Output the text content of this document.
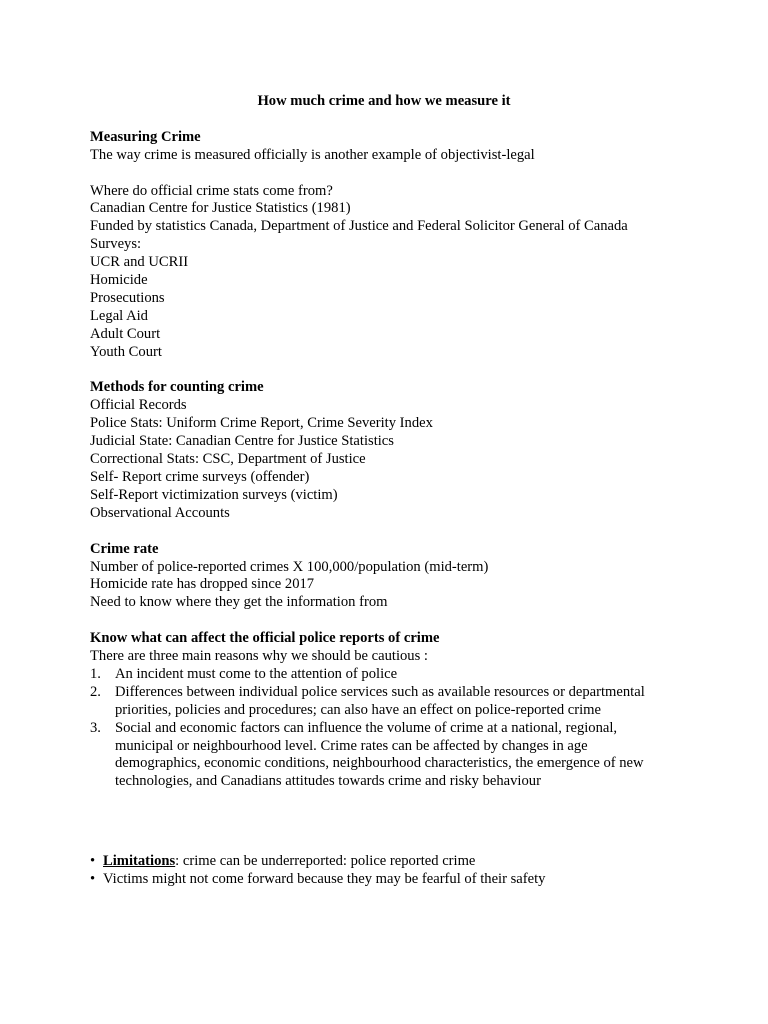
How much crime and how we measure it
Measuring Crime
The way crime is measured officially is another example of objectivist-legal
Where do official crime stats come from?
Canadian Centre for Justice Statistics (1981)
Funded by statistics Canada, Department of Justice and Federal Solicitor General of Canada
Surveys:
UCR and UCRII
Homicide
Prosecutions
Legal Aid
Adult Court
Youth Court
Methods for counting crime
Official Records
Police Stats: Uniform Crime Report, Crime Severity Index
Judicial State: Canadian Centre for Justice Statistics
Correctional Stats: CSC, Department of Justice
Self- Report crime surveys (offender)
Self-Report victimization surveys (victim)
Observational Accounts
Crime rate
Number of police-reported crimes X 100,000/population (mid-term)
Homicide rate has dropped since 2017
Need to know where they get the information from
Know what can affect the official police reports of crime
There are three main reasons why we should be cautious :
1. An incident must come to the attention of police
2. Differences between individual police services such as available resources or departmental priorities, policies and procedures; can also have an effect on police-reported crime
3. Social and economic factors can influence the volume of crime at a national, regional, municipal or neighbourhood level. Crime rates can be affected by changes in age demographics, economic conditions, neighbourhood characteristics, the emergence of new technologies, and Canadians attitudes towards crime and risky behaviour
• Limitations: crime can be underreported: police reported crime
• Victims might not come forward because they may be fearful of their safety
